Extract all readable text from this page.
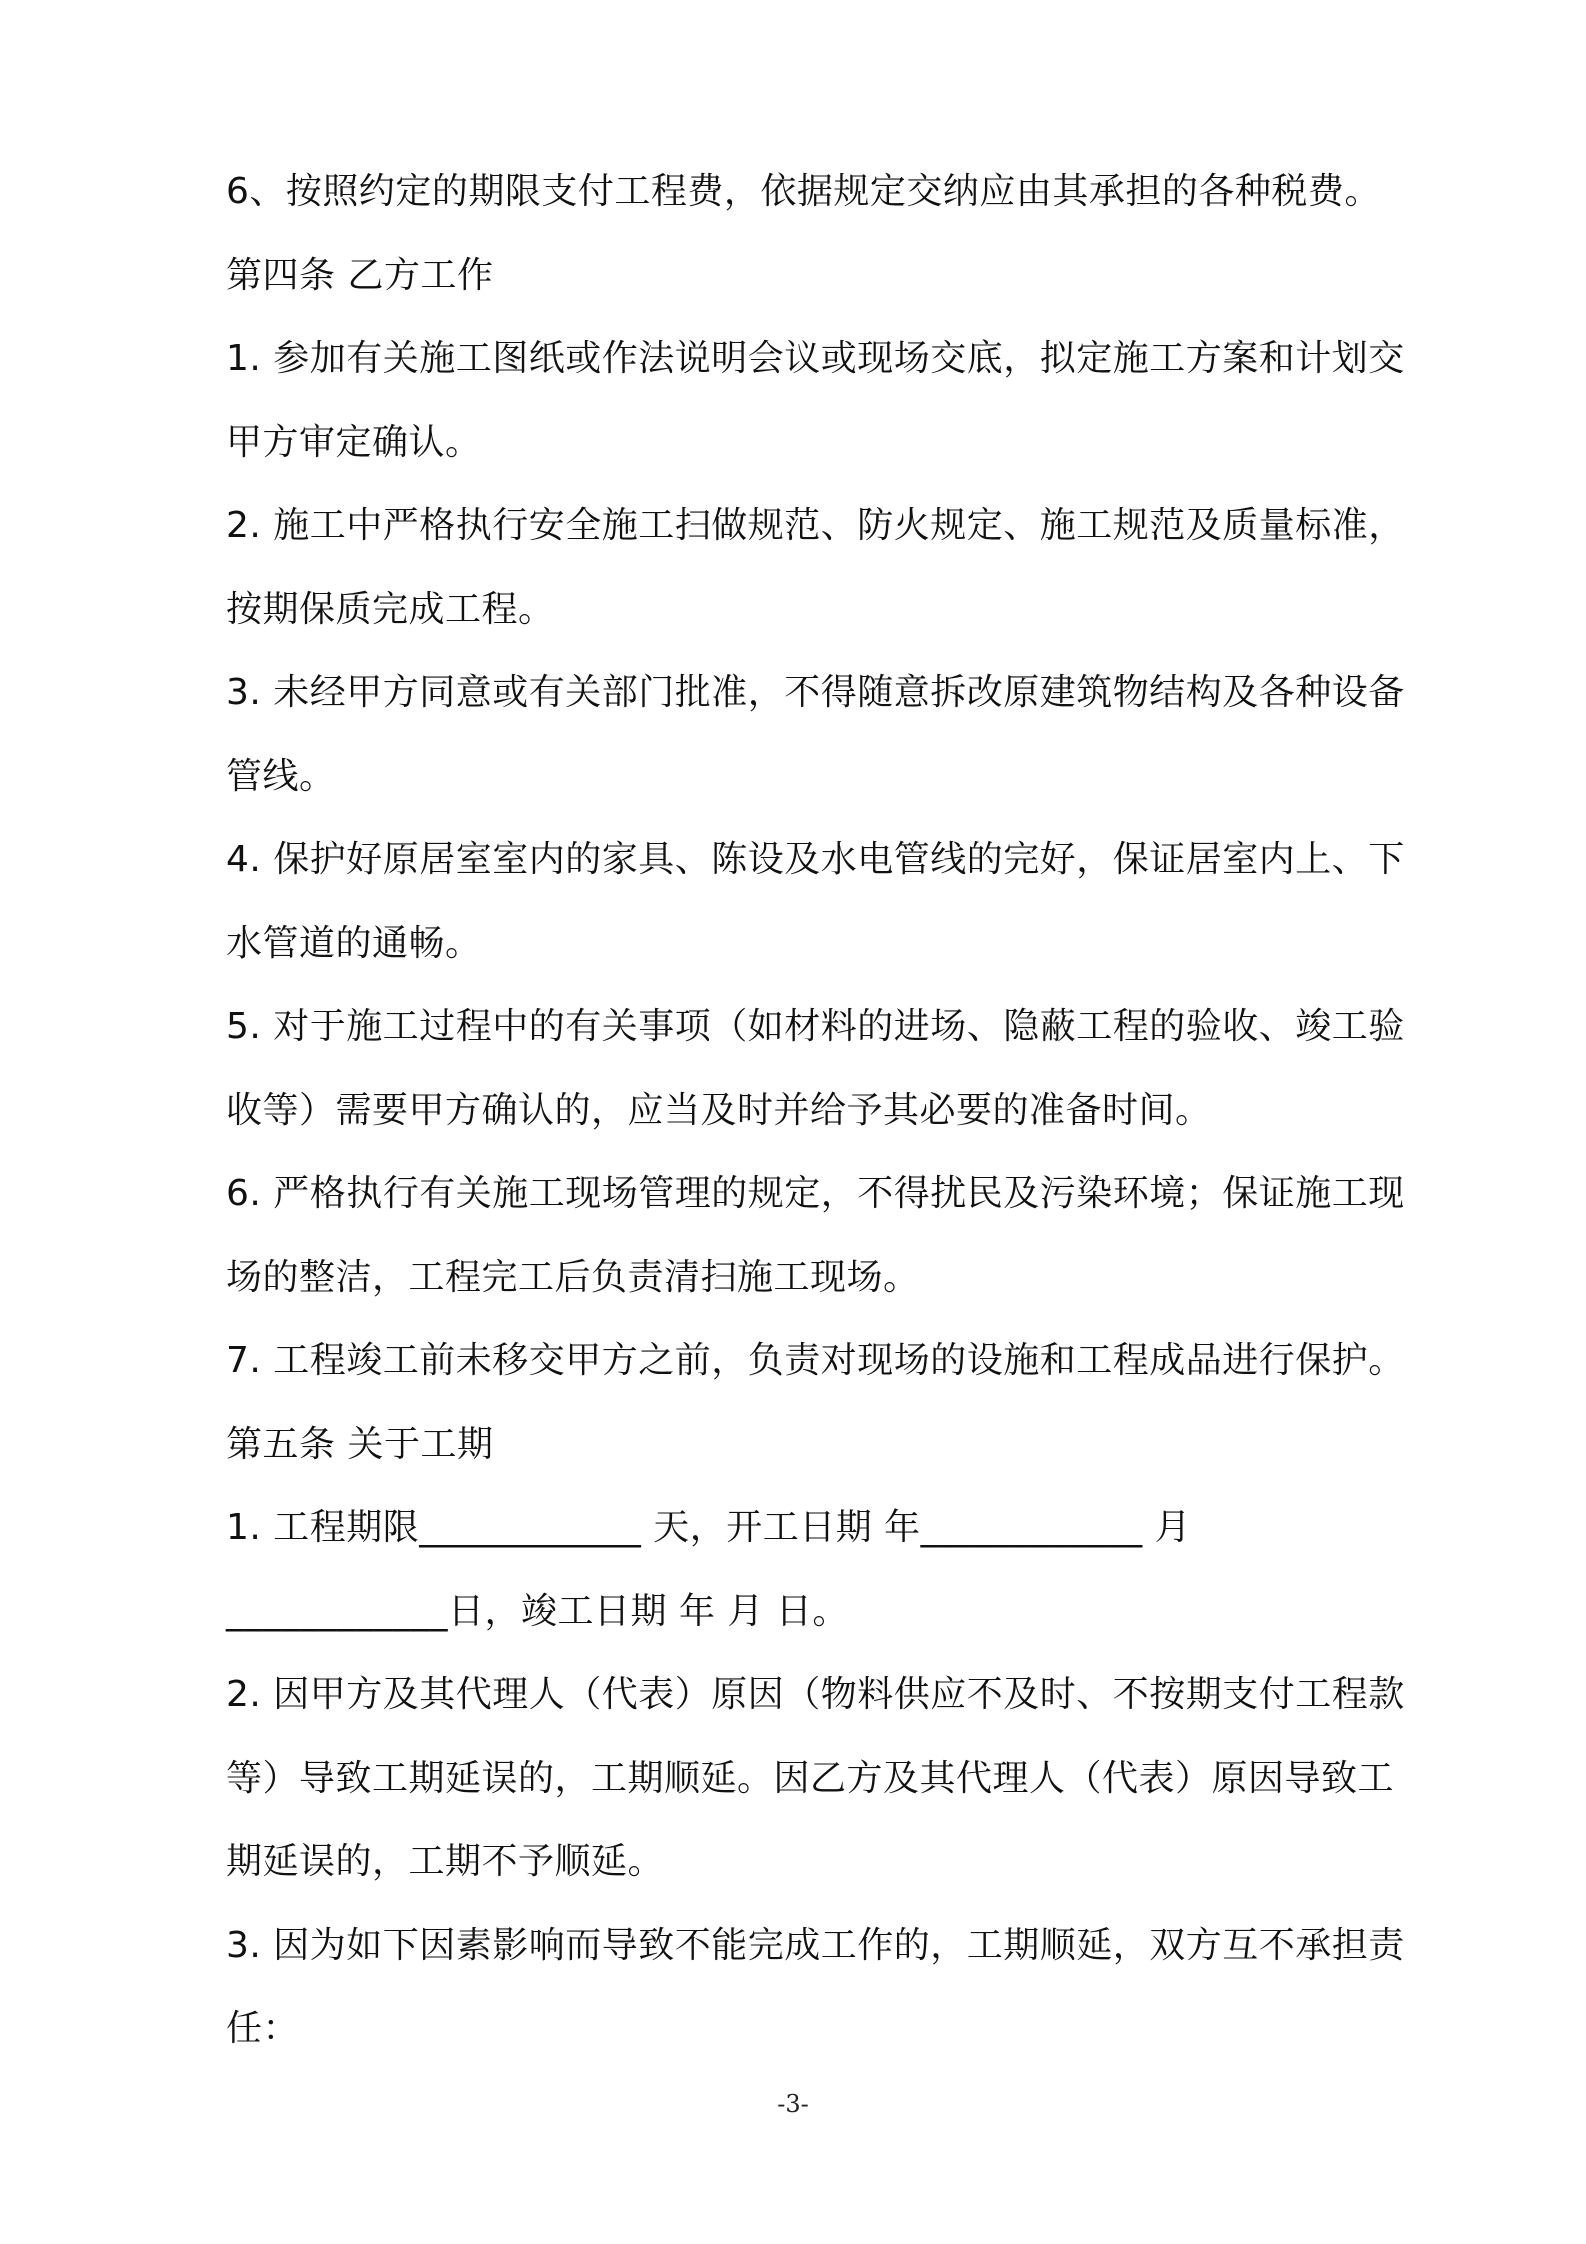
6、按照约定的期限支付工程费，依据规定交纳应由其承担的各种税费。
第四条 乙方工作
1. 参加有关施工图纸或作法说明会议或现场交底，拟定施工方案和计划交
甲方审定确认。
2. 施工中严格执行安全施工扫做规范、防火规定、施工规范及质量标准，
按期保质完成工程。
3. 未经甲方同意或有关部门批准，不得随意拆改原建筑物结构及各种设备
管线。
4. 保护好原居室室内的家具、陈设及水电管线的完好，保证居室内上、下
水管道的通畅。
5. 对于施工过程中的有关事项（如材料的进场、隐蔽工程的验收、竣工验
收等）需要甲方确认的，应当及时并给予其必要的准备时间。
6. 严格执行有关施工现场管理的规定，不得扰民及污染环境；保证施工现
场的整洁，工程完工后负责清扫施工现场。
7. 工程竣工前未移交甲方之前，负责对现场的设施和工程成品进行保护。
第五条 关于工期
1. 工程期限____________ 天，开工日期 年____________ 月
____________日，竣工日期 年 月 日。
2. 因甲方及其代理人（代表）原因（物料供应不及时、不按期支付工程款
等）导致工期延误的，工期顺延。因乙方及其代理人（代表）原因导致工
期延误的，工期不予顺延。
3. 因为如下因素影响而导致不能完成工作的，工期顺延，双方互不承担责
任：
-3-
